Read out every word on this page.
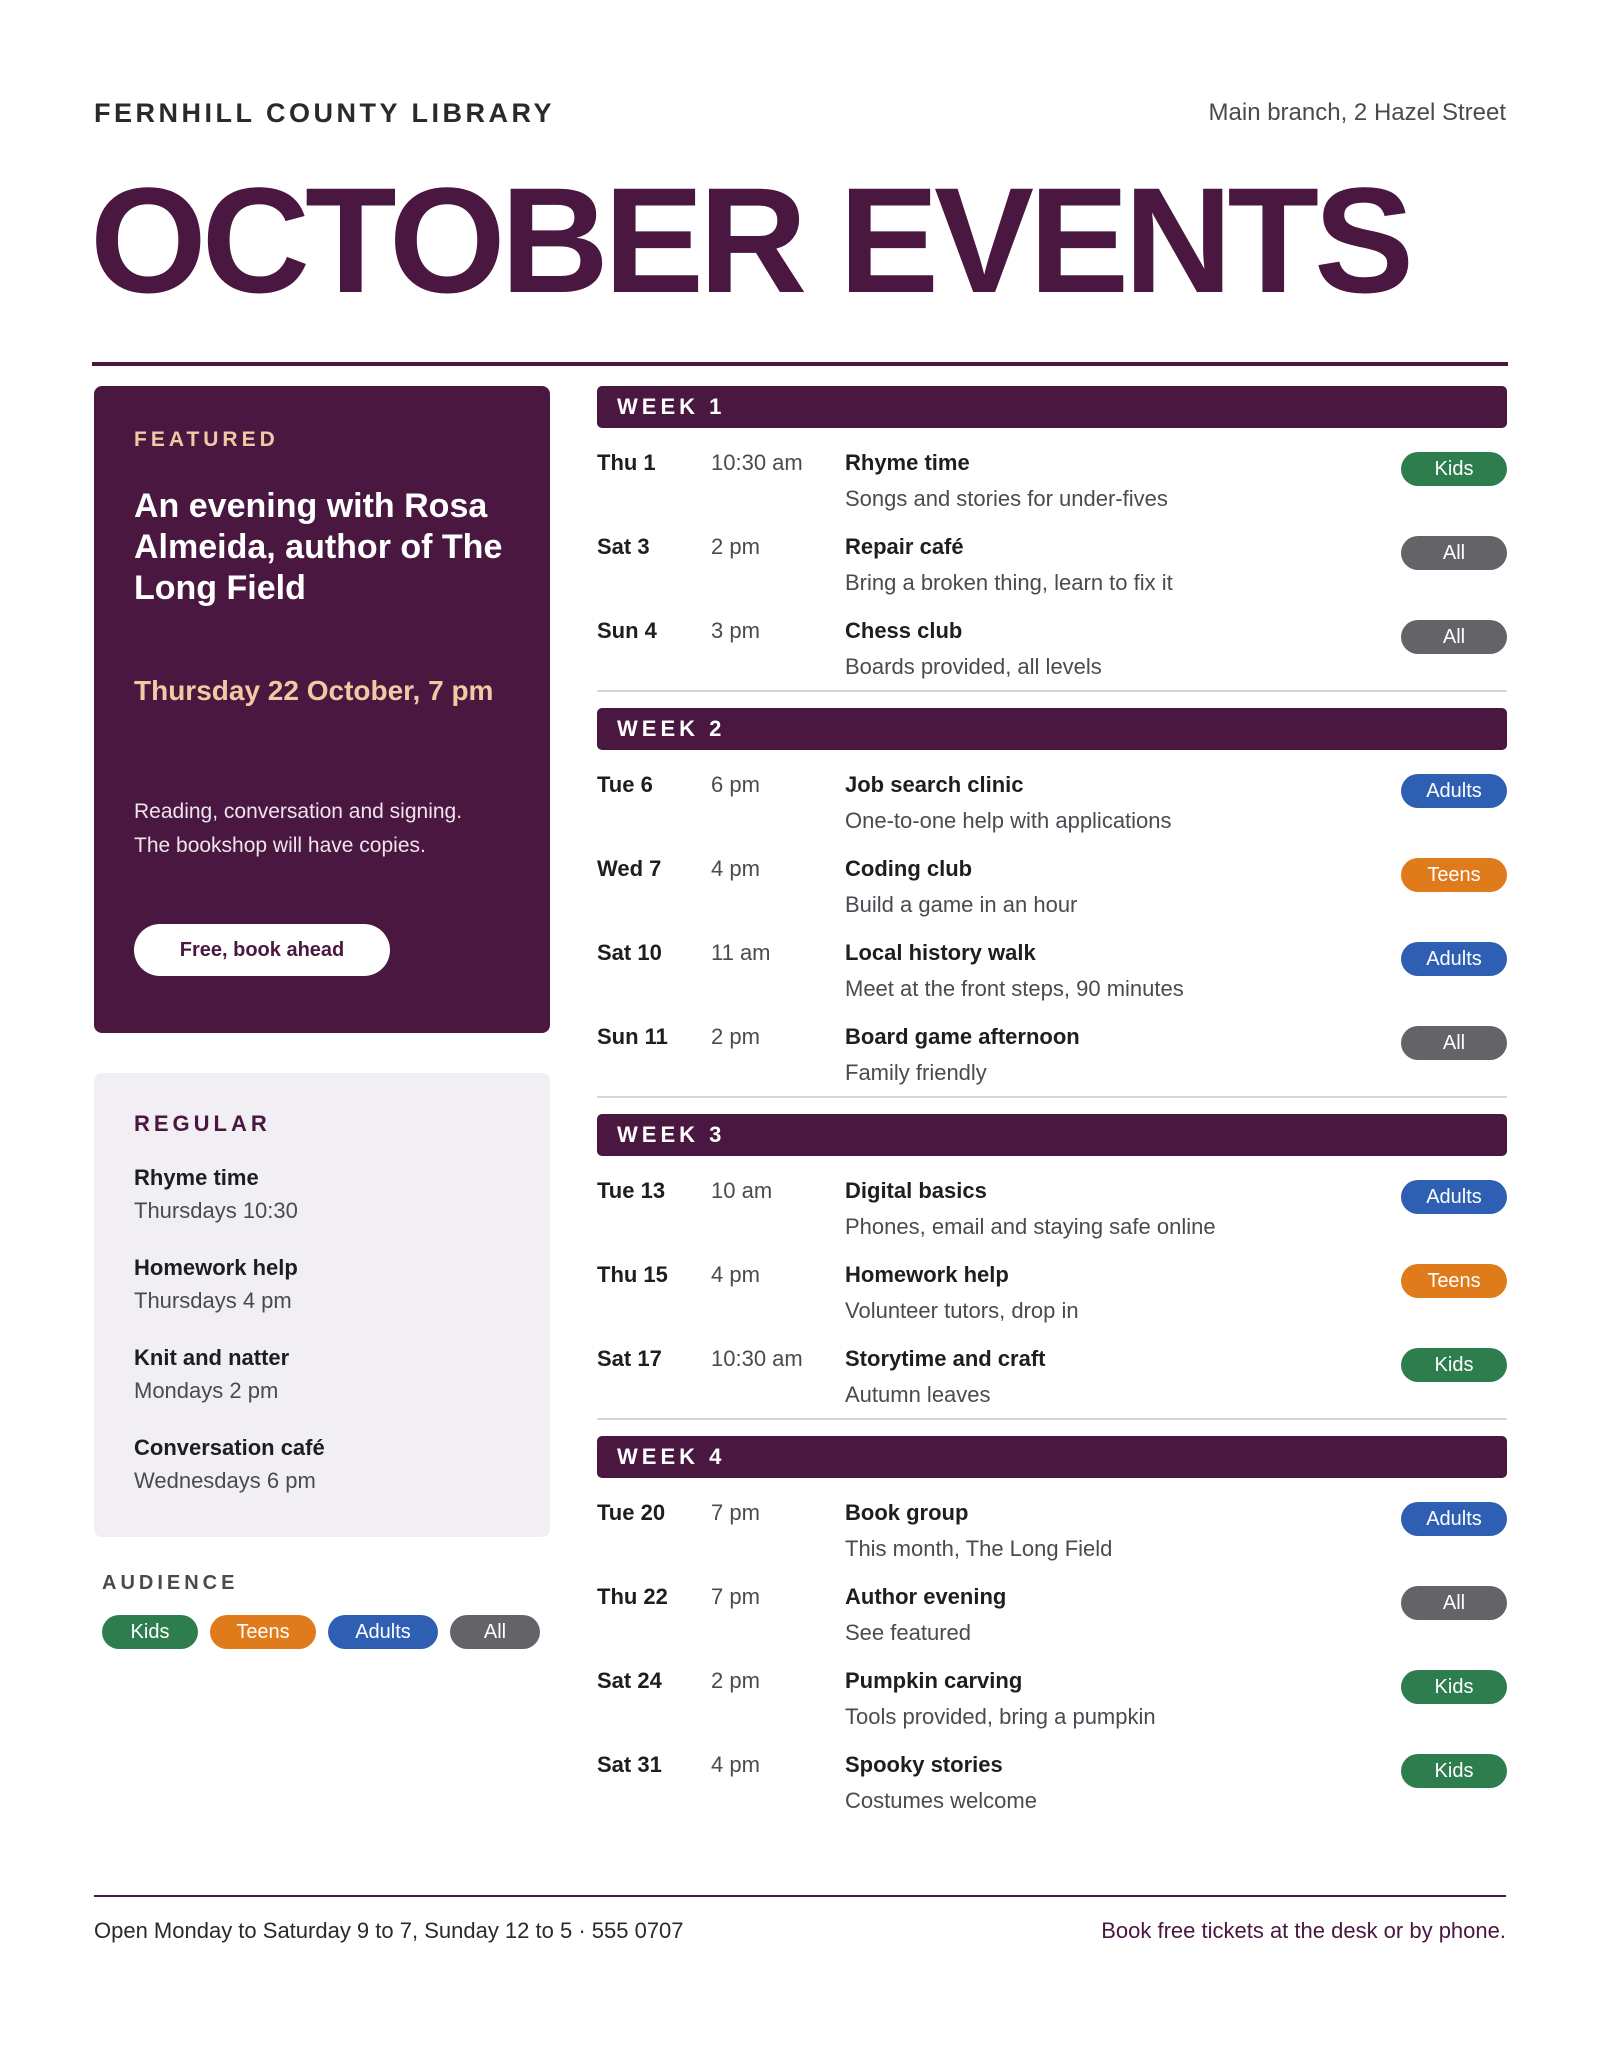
FERNHILL COUNTY LIBRARY	Main branch, 2 Hazel Street
OCTOBER EVENTS
FEATURED
An evening with Rosa Almeida, author of The Long Field
Thursday 22 October, 7 pm
Reading, conversation and signing.
The bookshop will have copies.
Free, book ahead
REGULAR
Rhyme time
Thursdays 10:30
Homework help
Thursdays 4 pm
Knit and natter
Mondays 2 pm
Conversation café
Wednesdays 6 pm
AUDIENCE
Kids	Teens	Adults	All
WEEK 1
Thu 1	10:30 am Rhyme time
Songs and stories for under-fives
Kids
Sat 3	2 pm	Repair café
Bring a broken thing, learn to fix it
All
Sun 4 3 pm	Chess club
Boards provided, all levels
All
WEEK 2
Tue 6	6 pm	Job search clinic
One-to-one help with applications
Adults
Wed 7 4 pm	Coding club
Build a game in an hour
Teens
Sat 10 11 am	Local history walk
Meet at the front steps, 90 minutes
Adults
Sun 11 2 pm	Board game afternoon
Family friendly
All
WEEK 3
Tue 13 10 am	Digital basics
Phones, email and staying safe online
Adults
Thu 15 4 pm	Homework help
Volunteer tutors, drop in
Teens
Sat 17 10:30 am Storytime and craft
Autumn leaves
Kids
WEEK 4
Tue 20 7 pm	Book group
This month, The Long Field
Adults
Thu 22 7 pm	Author evening
See featured
All
Sat 24 2 pm	Pumpkin carving
Tools provided, bring a pumpkin
Kids
Sat 31 4 pm	Spooky stories
Costumes welcome
Kids
Open Monday to Saturday 9 to 7, Sunday 12 to 5 · 555 0707	Book free tickets at the desk or by phone.
